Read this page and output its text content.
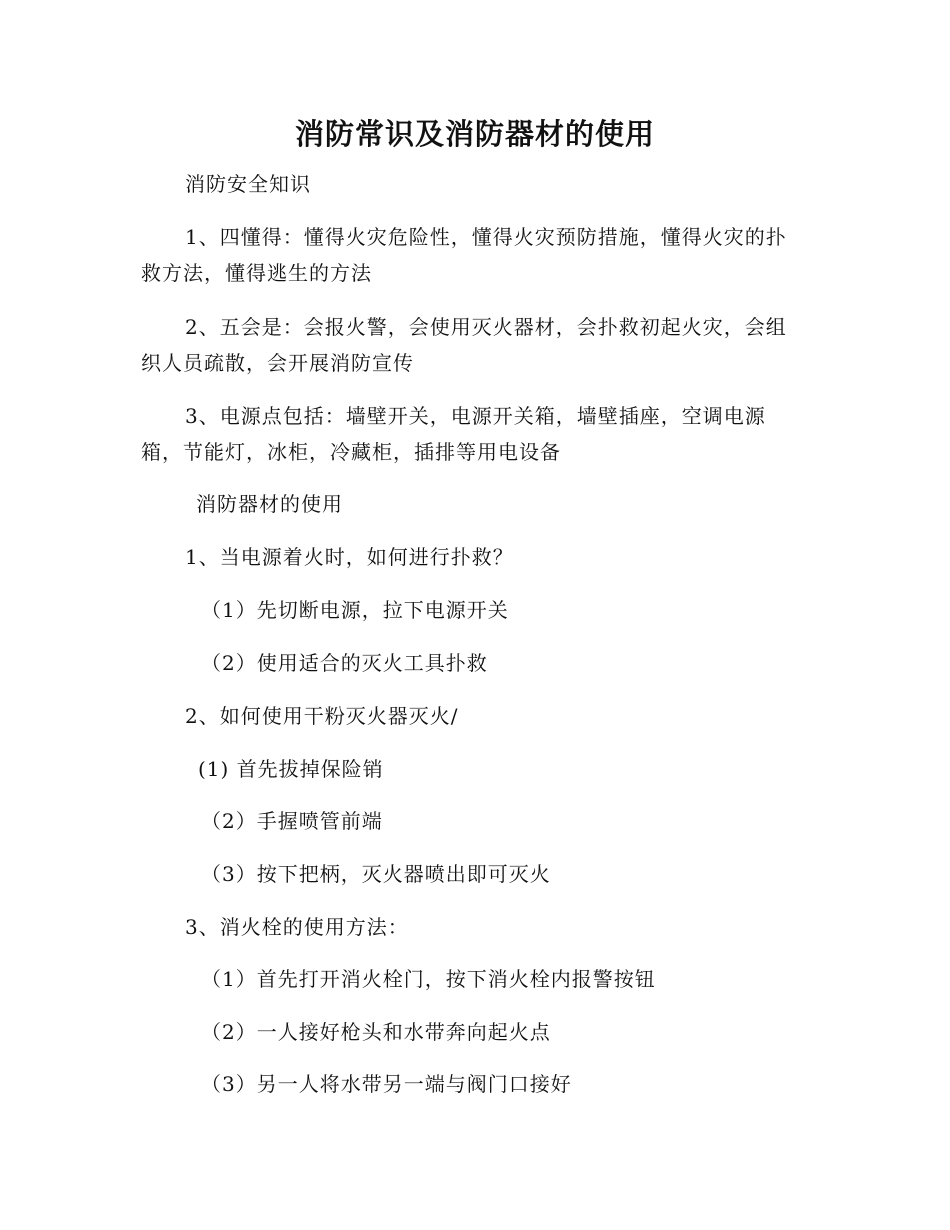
消防常识及消防器材的使用
消防安全知识
1、四懂得：懂得火灾危险性，懂得火灾预防措施，懂得火灾的扑
救方法，懂得逃生的方法
2、五会是：会报火警，会使用灭火器材，会扑救初起火灾，会组
织人员疏散，会开展消防宣传
3、电源点包括：墙壁开关，电源开关箱，墙壁插座，空调电源
箱，节能灯，冰柜，冷藏柜，插排等用电设备
消防器材的使用
1、当电源着火时，如何进行扑救？
（1）先切断电源，拉下电源开关
（2）使用适合的灭火工具扑救
2、如何使用干粉灭火器灭火/
(1) 首先拔掉保险销
（2）手握喷管前端
（3）按下把柄，灭火器喷出即可灭火
3、消火栓的使用方法：
（1）首先打开消火栓门，按下消火栓内报警按钮
（2）一人接好枪头和水带奔向起火点
（3）另一人将水带另一端与阀门口接好
